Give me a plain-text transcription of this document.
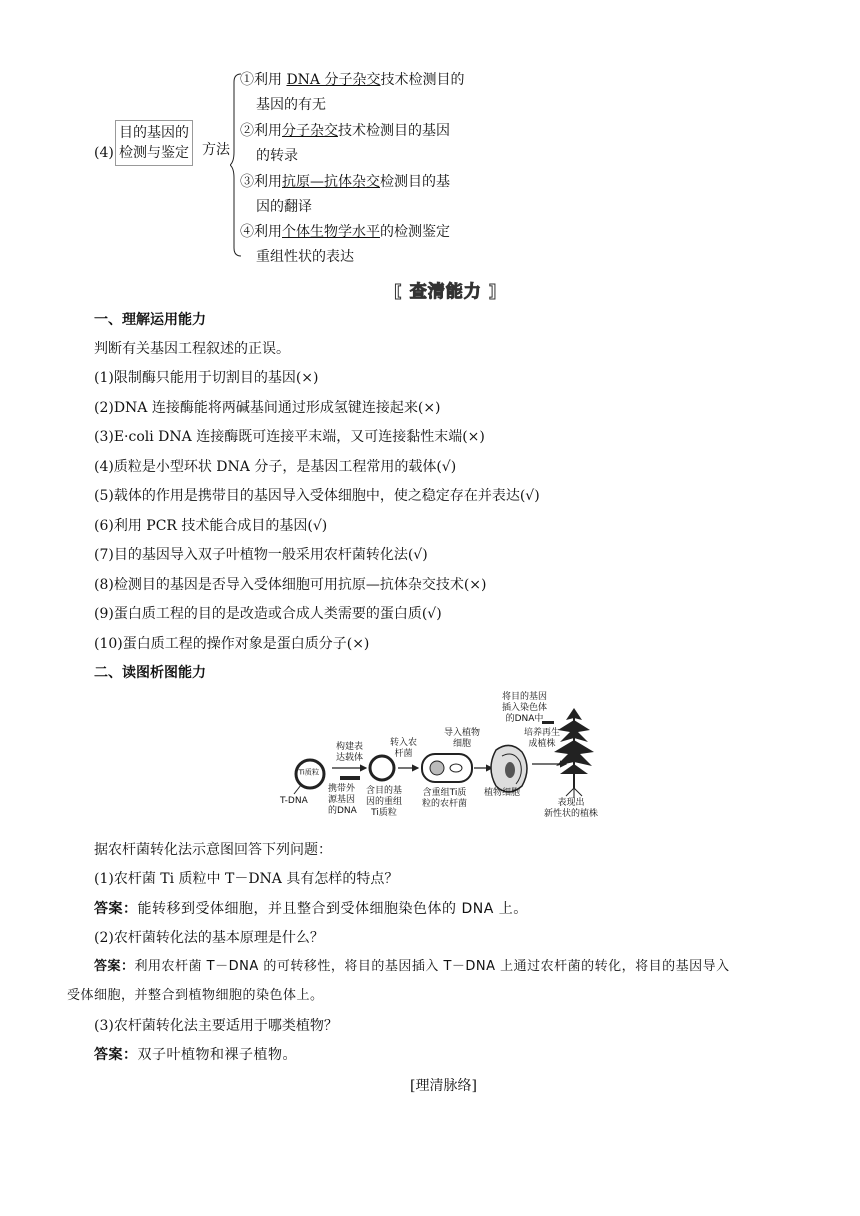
(4)
目的基因的
检测与鉴定 方法
①利用 DNA 分子杂交技术检测目的
基因的有无
②利用分子杂交技术检测目的基因
的转录
③利用抗原—抗体杂交检测目的基
因的翻译
④利用个体生物学水平的检测鉴定
重组性状的表达
[ 查清能力 ]
一、理解运用能力
判断有关基因工程叙述的正误。
(1)限制酶只能用于切割目的基因(×)
(2)DNA 连接酶能将两碱基间通过形成氢键连接起来(×)
(3)E·coli DNA 连接酶既可连接平末端，又可连接黏性末端(×)
(4)质粒是小型环状 DNA 分子，是基因工程常用的载体(√)
(5)载体的作用是携带目的基因导入受体细胞中，使之稳定存在并表达(√)
(6)利用 PCR 技术能合成目的基因(√)
(7)目的基因导入双子叶植物一般采用农杆菌转化法(√)
(8)检测目的基因是否导入受体细胞可用抗原—抗体杂交技术(×)
(9)蛋白质工程的目的是改造或合成人类需要的蛋白质(√)
(10)蛋白质工程的操作对象是蛋白质分子(×)
二、读图析图能力
Ti质粒
T-DNA
携带外
源基因
的DNA
构建表
达载体
含目的基
因的重组
Ti质粒
转入农
杆菌
含重组Ti质
粒的农杆菌
导入植物
细胞
植物细胞
将目的基因
插入染色体
的DNA中
培养再生
成植株
表现出
新性状的植株
据农杆菌转化法示意图回答下列问题：
(1)农杆菌 Ti 质粒中 T－DNA 具有怎样的特点？
答案：能转移到受体细胞，并且整合到受体细胞染色体的 DNA 上。
(2)农杆菌转化法的基本原理是什么？
答案：利用农杆菌 T－DNA 的可转移性，将目的基因插入 T－DNA 上通过农杆菌的转化，将目的基因导入
受体细胞，并整合到植物细胞的染色体上。
(3)农杆菌转化法主要适用于哪类植物？
答案：双子叶植物和裸子植物。
[理清脉络]
